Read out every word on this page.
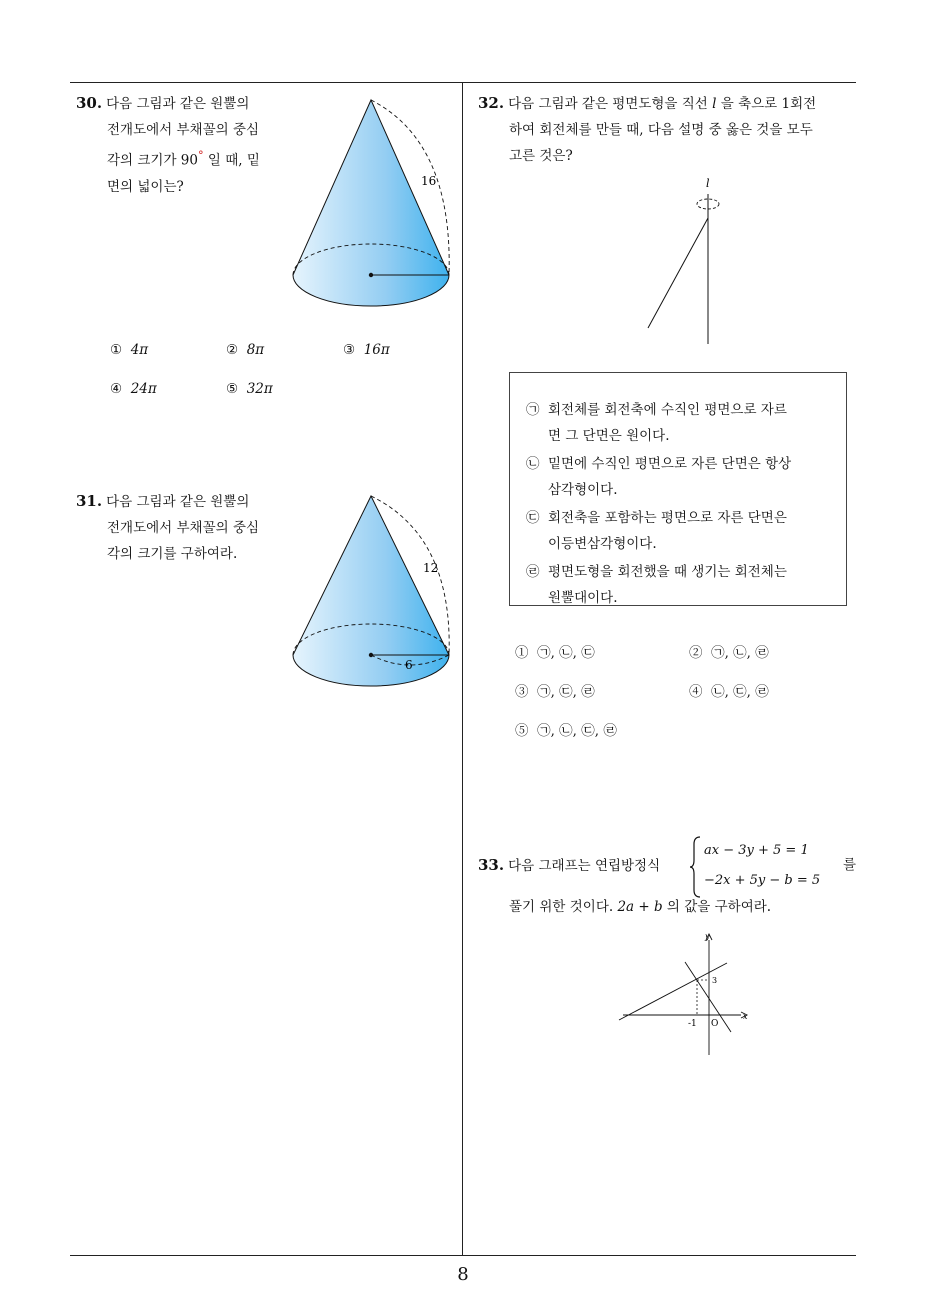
30. 다음 그림과 같은 원뿔의
전개도에서 부채꼴의 중심
각의 크기가 90° 일 때, 밑
면의 넓이는?	16
① 4π	② 8π	③ 16π
④ 24π	⑤ 32π
31. 다음 그림과 같은 원뿔의
전개도에서 부채꼴의 중심
각의 크기를 구하여라.
12
6
32. 다음 그림과 같은 평면도형을 직선 l 을 축으로 1회전
하여 회전체를 만들 때, 다음 설명 중 옳은 것을 모두
고른 것은?
l
㉠ 회전체를 회전축에 수직인 평면으로 자르
면 그 단면은 원이다.
㉡ 밑면에 수직인 평면으로 자른 단면은 항상
삼각형이다.
㉢ 회전축을 포함하는 평면으로 자른 단면은
이등변삼각형이다.
㉣ 평면도형을 회전했을 때 생기는 회전체는
원뿔대이다.
① ㉠, ㉡, ㉢	② ㉠, ㉡, ㉣
③ ㉠, ㉢, ㉣	④ ㉡, ㉢, ㉣
⑤ ㉠, ㉡, ㉢, ㉣
33. 다음 그래프는 연립방정식
ax − 3y + 5 = 1
−2x + 5y − b = 5
를
풀기 위한 것이다. 2a + b 의 값을 구하여라.
x
y
O
-1
3
8
